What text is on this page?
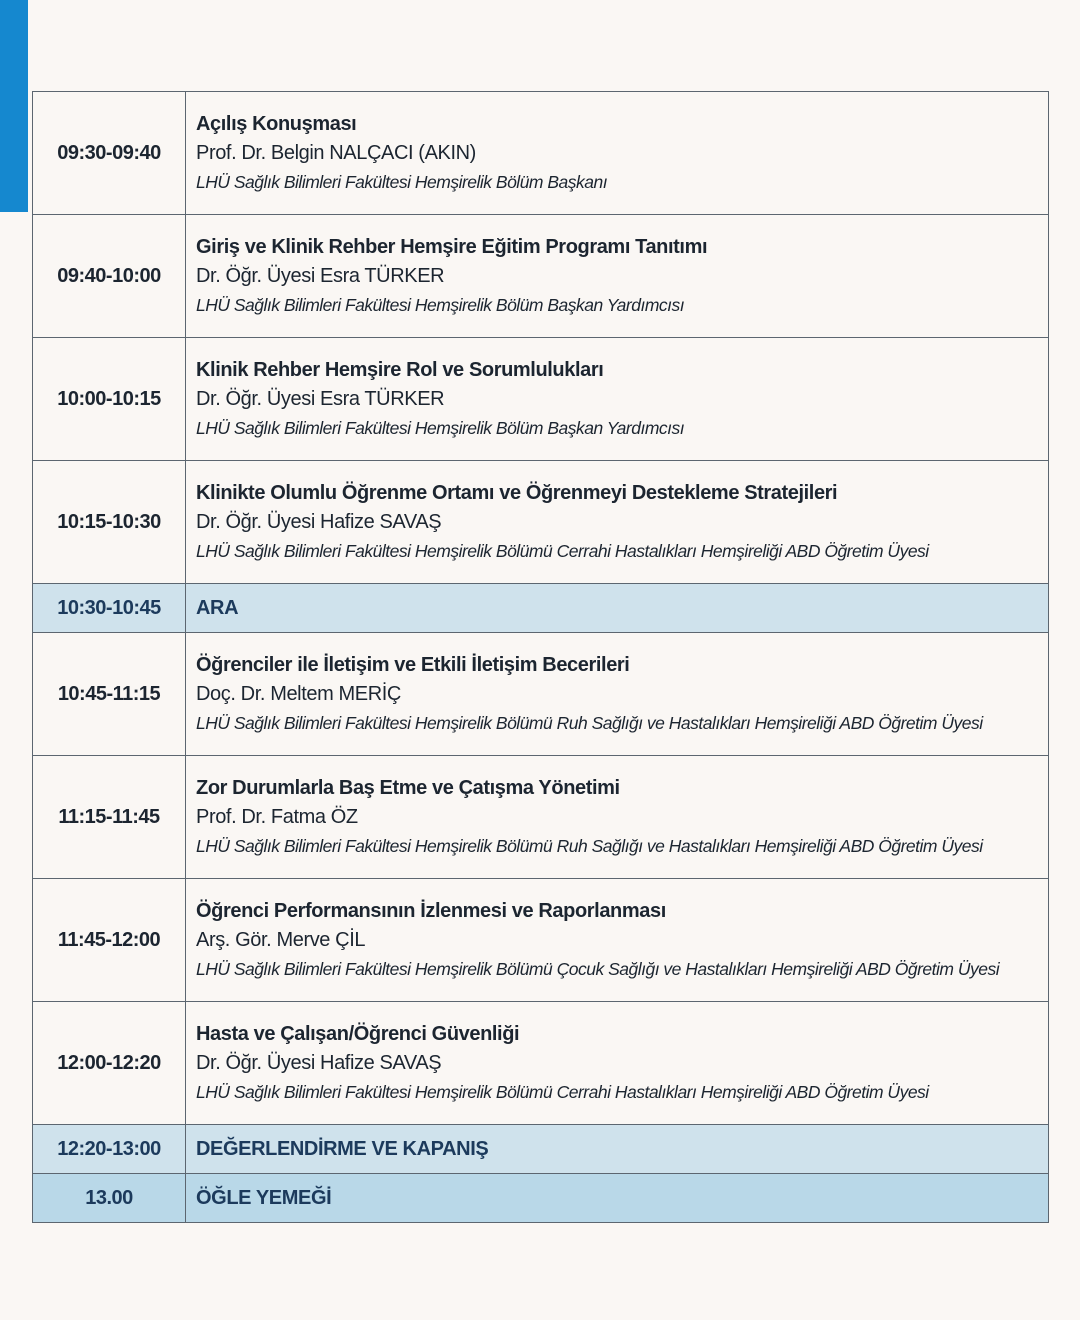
09:30-09:40
Açılış Konuşması
Prof. Dr. Belgin NALÇACI (AKIN)
LHÜ Sağlık Bilimleri Fakültesi Hemşirelik Bölüm Başkanı
09:40-10:00
Giriş ve Klinik Rehber Hemşire Eğitim Programı Tanıtımı
Dr. Öğr. Üyesi Esra TÜRKER
LHÜ Sağlık Bilimleri Fakültesi Hemşirelik Bölüm Başkan Yardımcısı
10:00-10:15
Klinik Rehber Hemşire Rol ve Sorumlulukları
Dr. Öğr. Üyesi Esra TÜRKER
LHÜ Sağlık Bilimleri Fakültesi Hemşirelik Bölüm Başkan Yardımcısı
10:15-10:30
Klinikte Olumlu Öğrenme Ortamı ve Öğrenmeyi Destekleme Stratejileri
Dr. Öğr. Üyesi Hafize SAVAŞ
LHÜ Sağlık Bilimleri Fakültesi Hemşirelik Bölümü Cerrahi Hastalıkları Hemşireliği ABD Öğretim Üyesi
10:30-10:45	ARA
10:45-11:15
Öğrenciler ile İletişim ve Etkili İletişim Becerileri
Doç. Dr. Meltem MERİÇ
LHÜ Sağlık Bilimleri Fakültesi Hemşirelik Bölümü Ruh Sağlığı ve Hastalıkları Hemşireliği ABD Öğretim Üyesi
11:15-11:45
Zor Durumlarla Baş Etme ve Çatışma Yönetimi
Prof. Dr. Fatma ÖZ
LHÜ Sağlık Bilimleri Fakültesi Hemşirelik Bölümü Ruh Sağlığı ve Hastalıkları Hemşireliği ABD Öğretim Üyesi
11:45-12:00
Öğrenci Performansının İzlenmesi ve Raporlanması
Arş. Gör. Merve ÇİL
LHÜ Sağlık Bilimleri Fakültesi Hemşirelik Bölümü Çocuk Sağlığı ve Hastalıkları Hemşireliği ABD Öğretim Üyesi
12:00-12:20
Hasta ve Çalışan/Öğrenci Güvenliği
Dr. Öğr. Üyesi Hafize SAVAŞ
LHÜ Sağlık Bilimleri Fakültesi Hemşirelik Bölümü Cerrahi Hastalıkları Hemşireliği ABD Öğretim Üyesi
12:20-13:00	DEĞERLENDİRME VE KAPANIŞ
13.00	ÖĞLE YEMEĞİ
